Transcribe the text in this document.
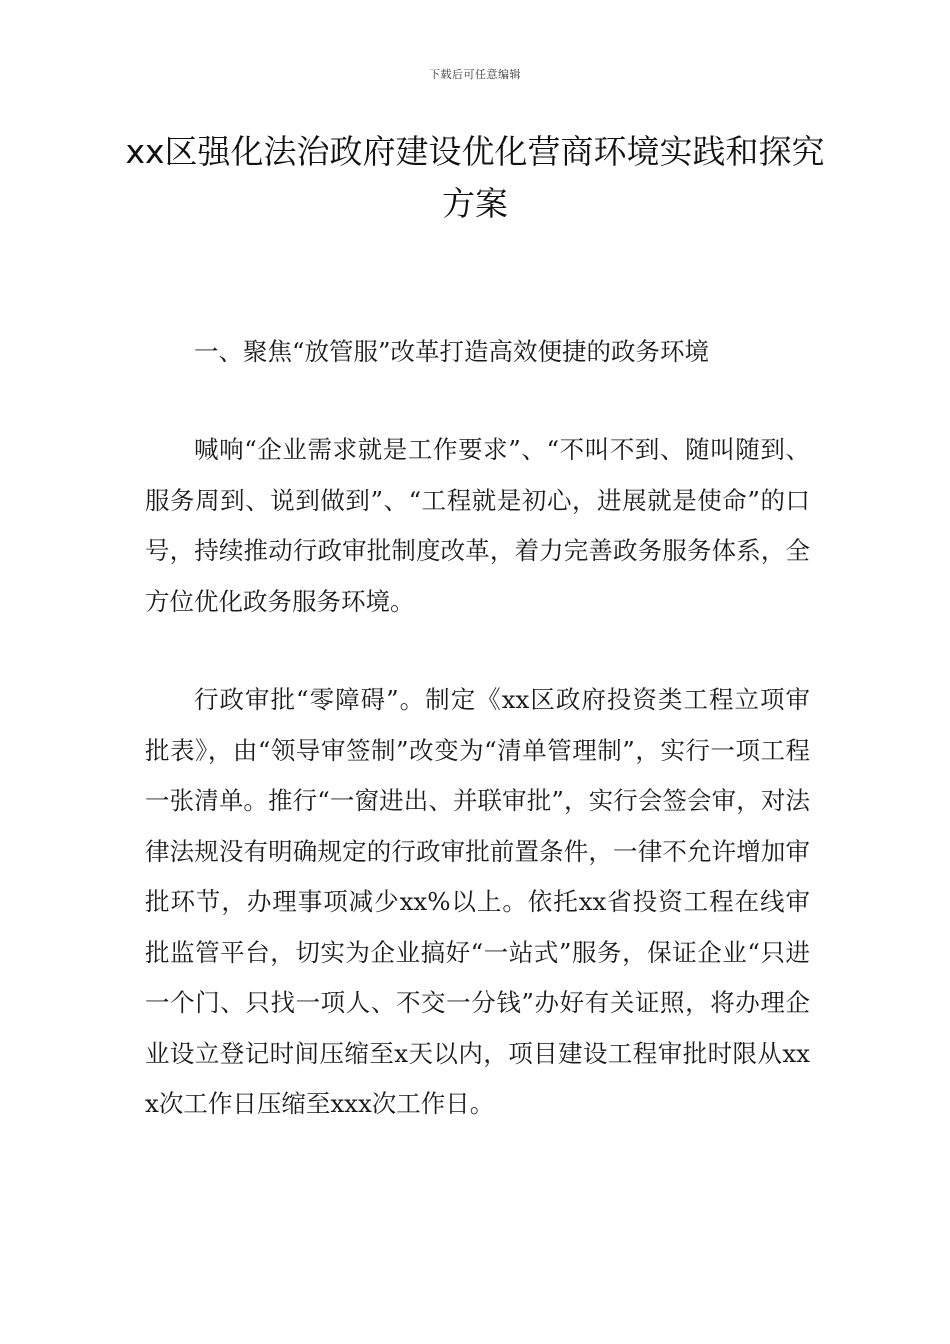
下载后可任意编辑
xx区强化法治政府建设优化营商环境实践和探究方案

一、聚焦“放管服”改革打造高效便捷的政务环境

喊响“企业需求就是工作要求”、“不叫不到、随叫随到、服务周到、说到做到”、“工程就是初心，进展就是使命”的口号，持续推动行政审批制度改革，着力完善政务服务体系，全方位优化政务服务环境。

行政审批“零障碍”。制定《xx区政府投资类工程立项审批表》，由“领导审签制”改变为“清单管理制”，实行一项工程一张清单。推行“一窗进出、并联审批”，实行会签会审，对法律法规没有明确规定的行政审批前置条件，一律不允许增加审批环节，办理事项减少xx%以上。依托xx省投资工程在线审批监管平台，切实为企业搞好“一站式”服务，保证企业“只进一个门、只找一项人、不交一分钱”办好有关证照，将办理企业设立登记时间压缩至x天以内，项目建设工程审批时限从xxx次工作日压缩至xxx次工作日。
